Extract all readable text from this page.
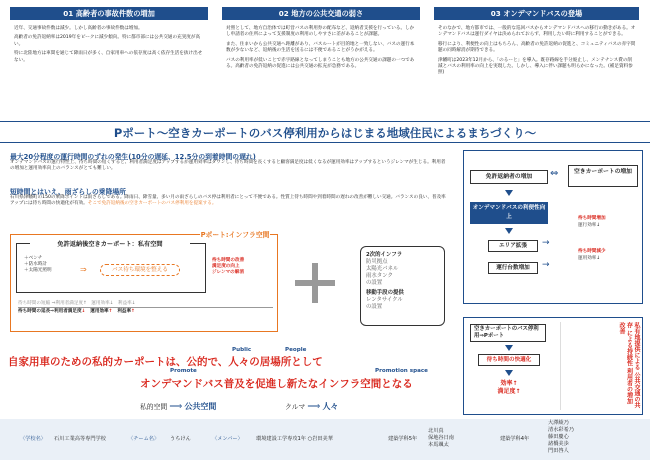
01 高齢者の事故件数の増加	02 地方の公共交通の弱さ	03 オンデマンドバスの登場

近年、交通事故件数は減少。しかし高齢者の事故件数は増加。

高齢者の免許返納率は2019年をピークに減少傾向。特に都市部には公共交通の充実度が高い。

特に北陸地方は車間を通じて降雨日が多く、自家用車への依存度は高く依存生活を抜け出せない。

対照として、地方自治体では町営バスの利用券の配布など、返納者支援を行っている。しかし申請者の住所によって支援制度の利用のしやすさに差があることが課題。

また、住まいから公共交通へ距離があり、バスルートが目的地と一致しない、バスの運行本数が少ないなど、返納後の生活を送るには不便であることがうかがえる。

バスの利用率が低いことで赤字路線となってしまうことも地方の公共交通の課題の一つである。高齢者の免許返納の促進には公共交通の拡充が急務である。

そのなかで、地方都市では、一般的な巡回バスからオンデマンドバスへの移行の動きがある。オンデマンドバスは運行ダイヤは決められておらず、利用したい時に利用することができる。

移行により、利便性の向上はもちろん、高齢者の免許返納の促進と、コミュニティバスの赤字問題の同時解消が期待できる。

津幡町は2023年12月から、「のるーと」を導入。既存路線を手分廃止し、メンテナンス費の削減とバスの利用率の向上を実現した。しかし、導入に伴い課題も明らかになった。(補足資料参照)

Pポート～空きカーポートのバス停利用からはじまる地域住民によるまちづくり～
最大20分程度の運行時間のずれの発生(10分の遅延、12.5分の到着時間の遅れ)
オンデマンドバスの運行特性上、待ち時間の短くすると、利用者満足度はアップするが運用効率はダウンし、待ち時間を長くすると顧客満足度は低くなるが運用効率はアップするというジレンマが生じる。利用者の増加と運用効率向上のバランスがとても難しい。
短時間とはいえ、雨ざらしの乗降場所
石川県津幡町の150の乗降ポイントは雨ざらしである。降雨日、降雪量、多い月の雨ざらしのバス停は利用者にとって不便である。性質上待ち時間や到着時間の遅れの改善が難しい交通。バランスの良い、普及率アップには待ち時間の快適化が有効。そこで免許返納後の空きカーポートのバス停利用を提案する。
Pポート:インフラ空間
免許返納後空きカーポート：私有空間
＋ベンチ
＋防水時計
＋太陽光照明	⇒	バス待ち環境を整える
待ち時間の改善
満足度の向上
ジレンマの解消
待ち時間の短縮 ⇒利用者満足度↑   運用効率↓   利益率↓
待ち時間の延長⇒利用者満足度↓ 運用効率↑ 利益率↑
2次的インフラ
防災拠点
太陽光パネル
雨水タンク
の設置
移動手段の提供
レンタサイクル
の設置
Public	People
自家用車のための私的カーポートは、公的で、人々の居場所として
Promote	Promotion space
オンデマンドバス普及を促進し新たなインフラ空間となる
私的空間 ⟹ 公共空間	クルマ ⟹ 人々
免許返納者の増加	⇔	空きカーポートの増加
オンデマンドバスの利便性向上
エリア拡張
運行台数増加
待ち時間増加
運行効率↓
待ち時間減少
運用効率↓
→
→
空きカーポートのバス停利用⇒Pポート
待ち時間の快適化
効率↑
満足度↑
私有地提供による 公共交通の共存 による持続性 利用者の増加 改善
〈学校名〉 石川工業高等専門学校	〈チーム名〉 うちけん	〈メンバー〉	環境建設工学専攻1年 ○岩田美華	建築学科5年
北川真
保地谷日南
本馬颯太
建築学科4年
大澤綾乃
清水彩希乃
藤田慶心
諸橋美歩
門田啓人
